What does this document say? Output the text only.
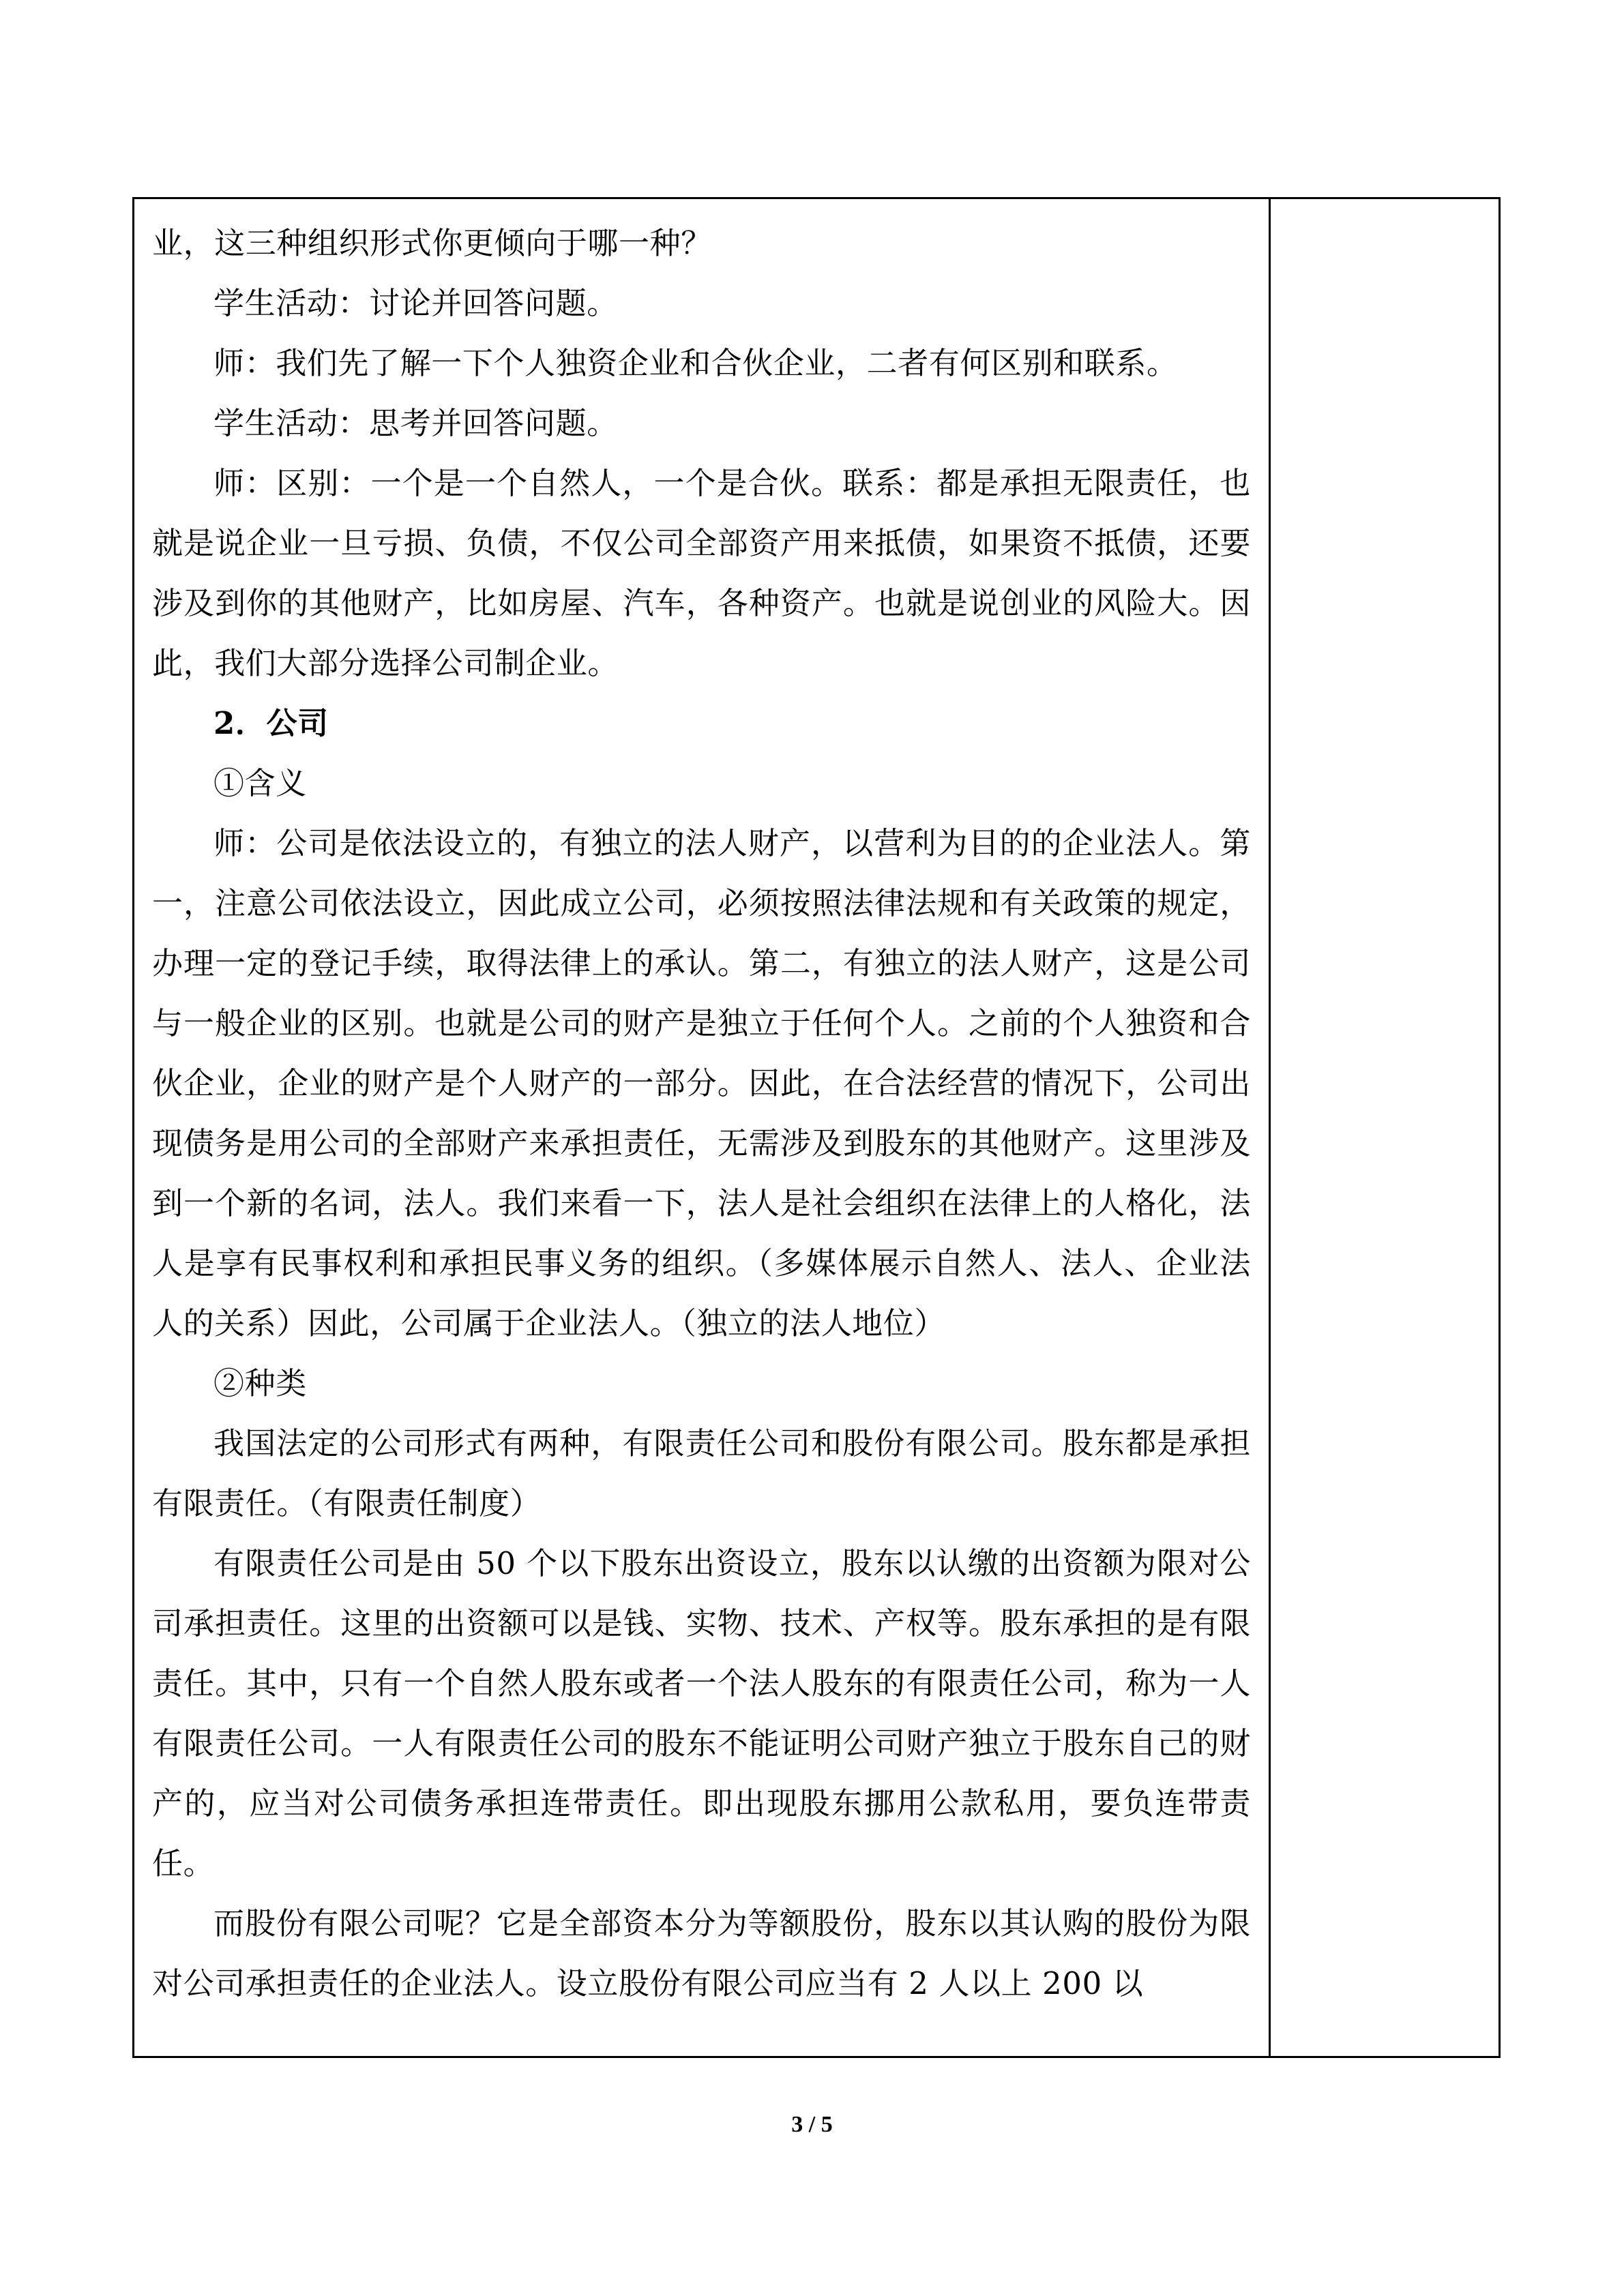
业，这三种组织形式你更倾向于哪一种？

学生活动：讨论并回答问题。

师：我们先了解一下个人独资企业和合伙企业，二者有何区别和联系。

学生活动：思考并回答问题。

师：区别：一个是一个自然人，一个是合伙。联系：都是承担无限责任，也就是说企业一旦亏损、负债，不仅公司全部资产用来抵债，如果资不抵债，还要涉及到你的其他财产，比如房屋、汽车，各种资产。也就是说创业的风险大。因此，我们大部分选择公司制企业。

2．公司

①含义

师：公司是依法设立的，有独立的法人财产，以营利为目的的企业法人。第一，注意公司依法设立，因此成立公司，必须按照法律法规和有关政策的规定，办理一定的登记手续，取得法律上的承认。第二，有独立的法人财产，这是公司与一般企业的区别。也就是公司的财产是独立于任何个人。之前的个人独资和合伙企业，企业的财产是个人财产的一部分。因此，在合法经营的情况下，公司出现债务是用公司的全部财产来承担责任，无需涉及到股东的其他财产。这里涉及到一个新的名词，法人。我们来看一下，法人是社会组织在法律上的人格化，法人是享有民事权利和承担民事义务的组织。（多媒体展示自然人、法人、企业法人的关系）因此，公司属于企业法人。（独立的法人地位）

②种类

我国法定的公司形式有两种，有限责任公司和股份有限公司。股东都是承担有限责任。（有限责任制度）

有限责任公司是由 50 个以下股东出资设立，股东以认缴的出资额为限对公司承担责任。这里的出资额可以是钱、实物、技术、产权等。股东承担的是有限责任。其中，只有一个自然人股东或者一个法人股东的有限责任公司，称为一人有限责任公司。一人有限责任公司的股东不能证明公司财产独立于股东自己的财产的，应当对公司债务承担连带责任。即出现股东挪用公款私用，要负连带责任。

而股份有限公司呢？它是全部资本分为等额股份，股东以其认购的股份为限对公司承担责任的企业法人。设立股份有限公司应当有 2 人以上 200 以

3 / 5
